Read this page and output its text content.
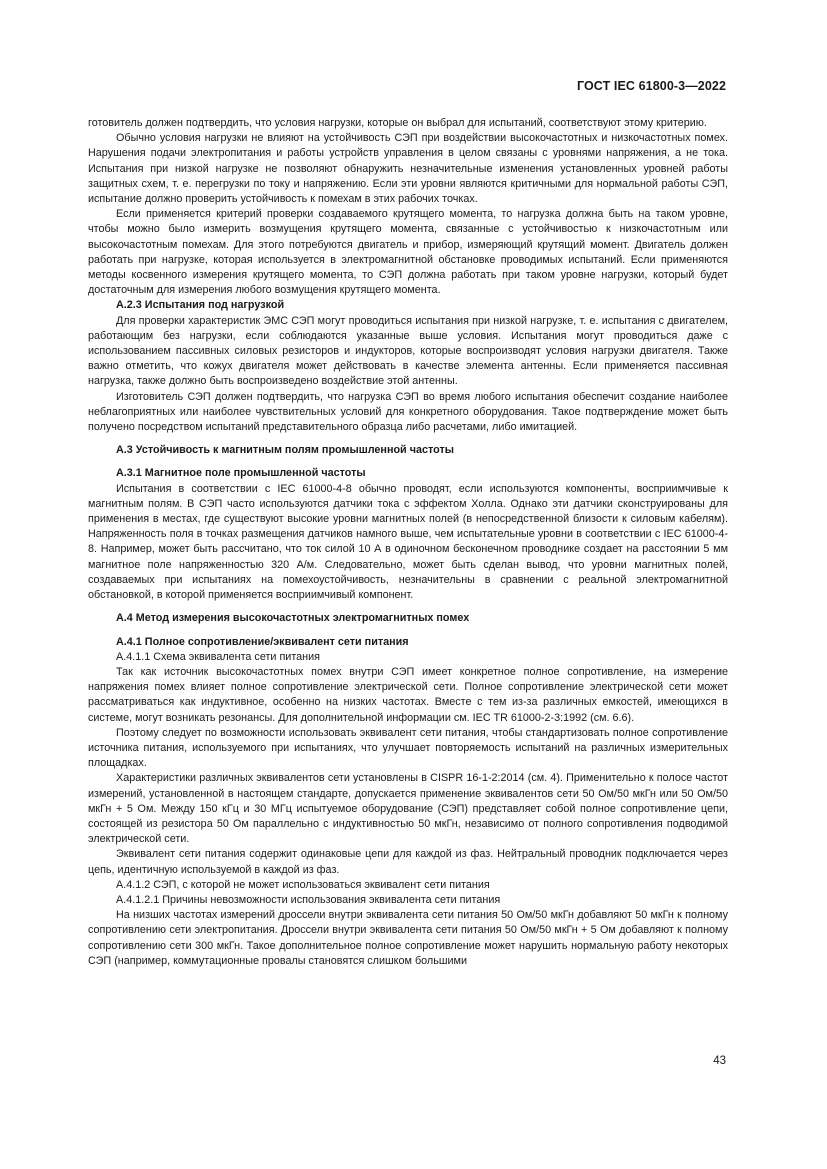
ГОСТ IEC 61800-3—2022

готовитель должен подтвердить, что условия нагрузки, которые он выбрал для испытаний, соответствуют этому критерию.

Обычно условия нагрузки не влияют на устойчивость СЭП при воздействии высокочастотных и низкочастотных помех. Нарушения подачи электропитания и работы устройств управления в целом связаны с уровнями напряжения, а не тока. Испытания при низкой нагрузке не позволяют обнаружить незначительные изменения установленных уровней работы защитных схем, т. е. перегрузки по току и напряжению. Если эти уровни являются критичными для нормальной работы СЭП, испытание должно проверить устойчивость к помехам в этих рабочих точках.

Если применяется критерий проверки создаваемого крутящего момента, то нагрузка должна быть на таком уровне, чтобы можно было измерить возмущения крутящего момента, связанные с устойчивостью к низкочастотным или высокочастотным помехам. Для этого потребуются двигатель и прибор, измеряющий крутящий момент. Двигатель должен работать при нагрузке, которая используется в электромагнитной обстановке проводимых испытаний. Если применяются методы косвенного измерения крутящего момента, то СЭП должна работать при таком уровне нагрузки, который будет достаточным для измерения любого возмущения крутящего момента.

А.2.3 Испытания под нагрузкой

Для проверки характеристик ЭМС СЭП могут проводиться испытания при низкой нагрузке, т. е. испытания с двигателем, работающим без нагрузки, если соблюдаются указанные выше условия. Испытания могут проводиться даже с использованием пассивных силовых резисторов и индукторов, которые воспроизводят условия нагрузки двигателя. Также важно отметить, что кожух двигателя может действовать в качестве элемента антенны. Если применяется пассивная нагрузка, также должно быть воспроизведено воздействие этой антенны.

Изготовитель СЭП должен подтвердить, что нагрузка СЭП во время любого испытания обеспечит создание наиболее неблагоприятных или наиболее чувствительных условий для конкретного оборудования. Такое подтверждение может быть получено посредством испытаний представительного образца либо расчетами, либо имитацией.

А.3 Устойчивость к магнитным полям промышленной частоты

А.3.1 Магнитное поле промышленной частоты

Испытания в соответствии с IEC 61000-4-8 обычно проводят, если используются компоненты, восприимчивые к магнитным полям. В СЭП часто используются датчики тока с эффектом Холла. Однако эти датчики сконструированы для применения в местах, где существуют высокие уровни магнитных полей (в непосредственной близости к силовым кабелям). Напряженность поля в точках размещения датчиков намного выше, чем испытательные уровни в соответствии с IEC 61000-4-8. Например, может быть рассчитано, что ток силой 10 А в одиночном бесконечном проводнике создает на расстоянии 5 мм магнитное поле напряженностью 320 А/м. Следовательно, может быть сделан вывод, что уровни магнитных полей, создаваемых при испытаниях на помехоустойчивость, незначительны в сравнении с реальной электромагнитной обстановкой, в которой применяется восприимчивый компонент.

А.4 Метод измерения высокочастотных электромагнитных помех

А.4.1 Полное сопротивление/эквивалент сети питания

А.4.1.1 Схема эквивалента сети питания

Так как источник высокочастотных помех внутри СЭП имеет конкретное полное сопротивление, на измерение напряжения помех влияет полное сопротивление электрической сети. Полное сопротивление электрической сети может рассматриваться как индуктивное, особенно на низких частотах. Вместе с тем из-за различных емкостей, имеющихся в системе, могут возникать резонансы. Для дополнительной информации см. IEC TR 61000-2-3:1992 (см. 6.6).

Поэтому следует по возможности использовать эквивалент сети питания, чтобы стандартизовать полное сопротивление источника питания, используемого при испытаниях, что улучшает повторяемость испытаний на различных измерительных площадках.

Характеристики различных эквивалентов сети установлены в CISPR 16-1-2:2014 (см. 4). Применительно к полосе частот измерений, установленной в настоящем стандарте, допускается применение эквивалентов сети 50 Ом/50 мкГн или 50 Ом/50 мкГн + 5 Ом. Между 150 кГц и 30 МГц испытуемое оборудование (СЭП) представляет собой полное сопротивление цепи, состоящей из резистора 50 Ом параллельно с индуктивностью 50 мкГн, независимо от полного сопротивления подводимой электрической сети.

Эквивалент сети питания содержит одинаковые цепи для каждой из фаз. Нейтральный проводник подключается через цепь, идентичную используемой в каждой из фаз.

А.4.1.2 СЭП, с которой не может использоваться эквивалент сети питания

А.4.1.2.1 Причины невозможности использования эквивалента сети питания

На низших частотах измерений дроссели внутри эквивалента сети питания 50 Ом/50 мкГн добавляют 50 мкГн к полному сопротивлению сети электропитания. Дроссели внутри эквивалента сети питания 50 Ом/50 мкГн + 5 Ом добавляют к полному сопротивлению сети 300 мкГн. Такое дополнительное полное сопротивление может нарушить нормальную работу некоторых СЭП (например, коммутационные провалы становятся слишком большими

43
